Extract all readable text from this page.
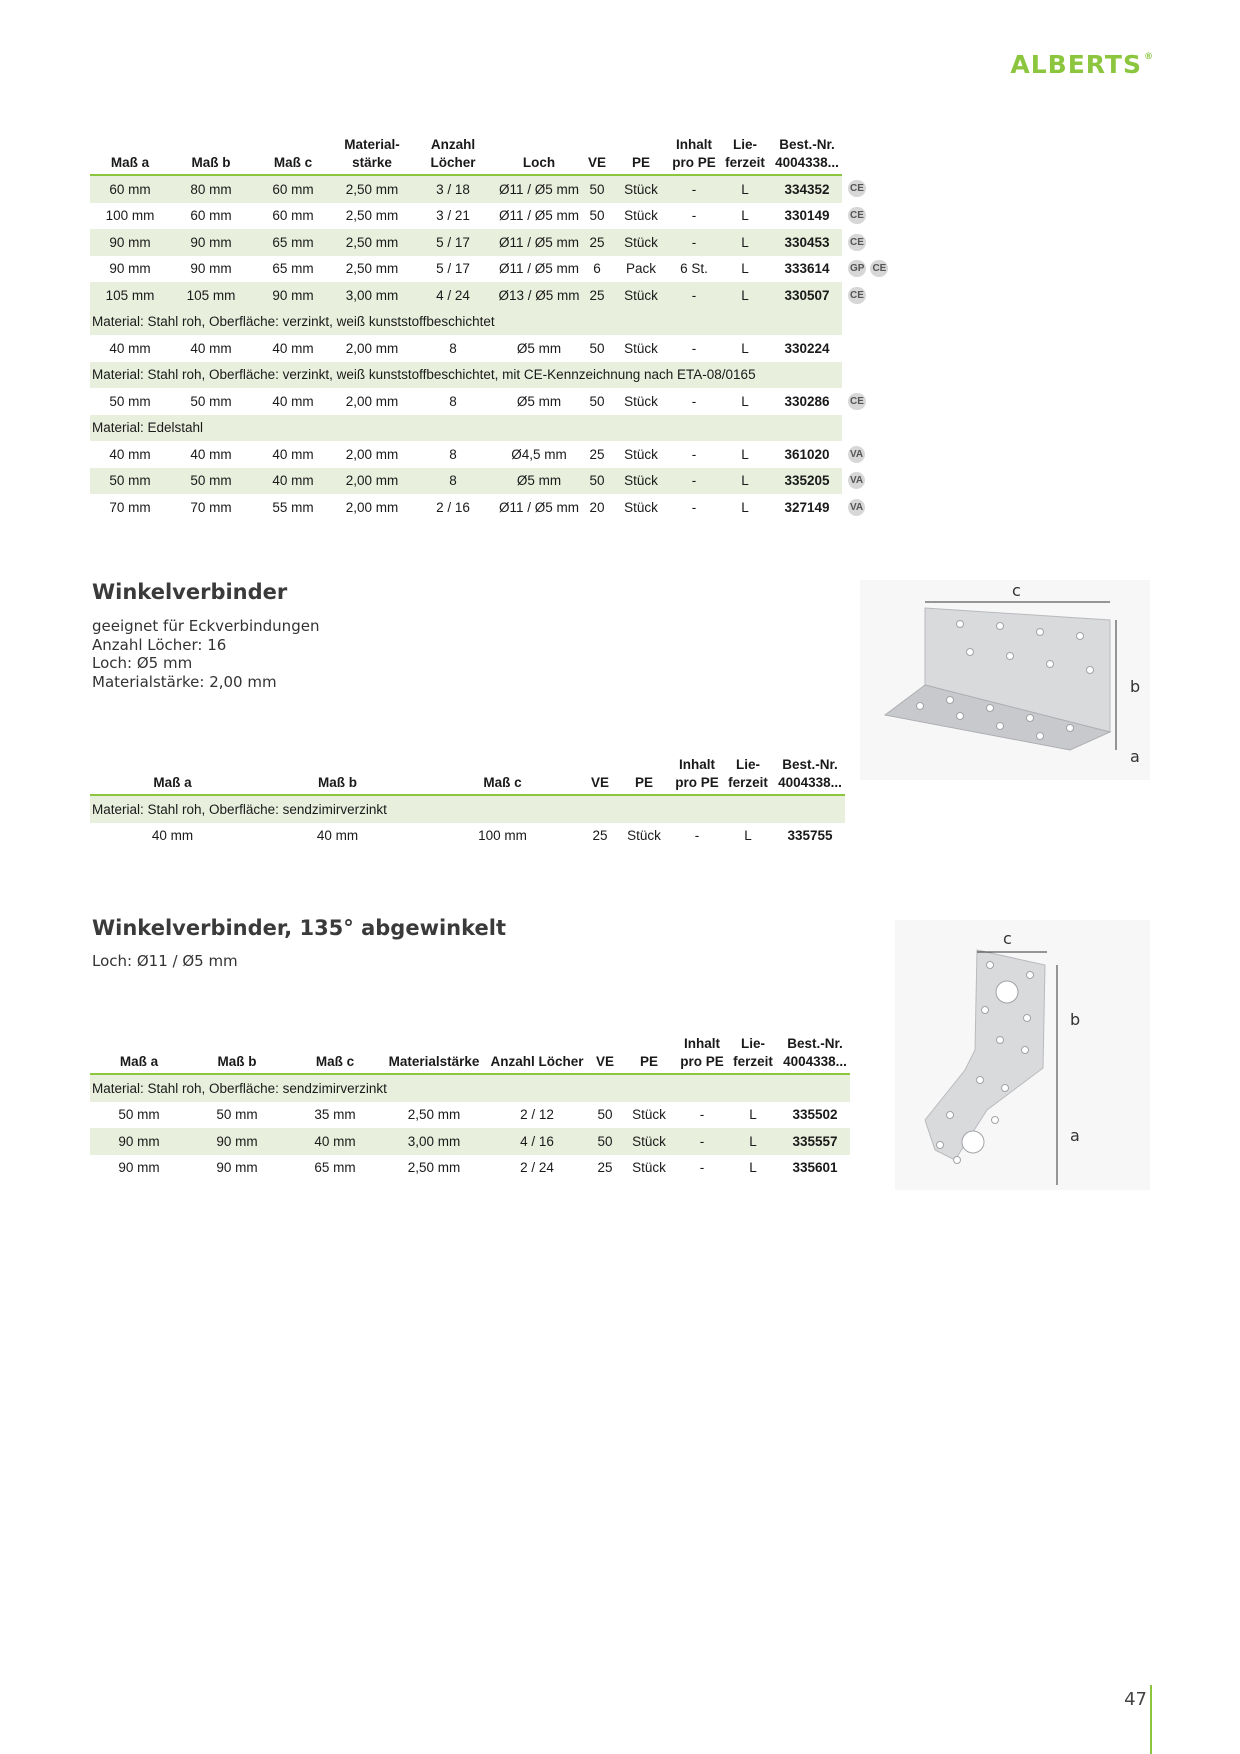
ALBERTS ®
Maß a	Maß b	Maß c	Material-
stärke	Anzahl
Löcher	Loch	VE	PE	Inhalt
pro PE	Lie-
ferzeit	Best.-Nr.
4004338...	
60 mm	80 mm	60 mm	2,50 mm	3 / 18	Ø11 / Ø5 mm	50	Stück	-	L	334352	CE
100 mm	60 mm	60 mm	2,50 mm	3 / 21	Ø11 / Ø5 mm	50	Stück	-	L	330149	CE
90 mm	90 mm	65 mm	2,50 mm	5 / 17	Ø11 / Ø5 mm	25	Stück	-	L	330453	CE
90 mm	90 mm	65 mm	2,50 mm	5 / 17	Ø11 / Ø5 mm	6	Pack	6 St.	L	333614	GP CE
105 mm	105 mm	90 mm	3,00 mm	4 / 24	Ø13 / Ø5 mm	25	Stück	-	L	330507	CE
Material: Stahl roh, Oberfläche: verzinkt, weiß kunststoffbeschichtet											
40 mm	40 mm	40 mm	2,00 mm	8	Ø5 mm	50	Stück	-	L	330224	
Material: Stahl roh, Oberfläche: verzinkt, weiß kunststoffbeschichtet, mit CE-Kennzeichnung nach ETA-08/0165											
50 mm	50 mm	40 mm	2,00 mm	8	Ø5 mm	50	Stück	-	L	330286	CE
Material: Edelstahl											
40 mm	40 mm	40 mm	2,00 mm	8	Ø4,5 mm	25	Stück	-	L	361020	VA
50 mm	50 mm	40 mm	2,00 mm	8	Ø5 mm	50	Stück	-	L	335205	VA
70 mm	70 mm	55 mm	2,00 mm	2 / 16	Ø11 / Ø5 mm	20	Stück	-	L	327149	VA
Winkelverbinder
geeignet für Eckverbindungen
Anzahl Löcher: 16
Loch: Ø5 mm
Materialstärke: 2,00 mm
c
b
a
Maß a	Maß b	Maß c	VE	PE	Inhalt
pro PE	Lie-
ferzeit	Best.-Nr.
4004338...
Material: Stahl roh, Oberfläche: sendzimirverzinkt							
40 mm	40 mm	100 mm	25	Stück	-	L	335755
Winkelverbinder, 135° abgewinkelt
Loch: Ø11 / Ø5 mm
c
b
a
Maß a	Maß b	Maß c	Materialstärke	Anzahl Löcher	VE	PE	Inhalt
pro PE	Lie-
ferzeit	Best.-Nr.
4004338...
Material: Stahl roh, Oberfläche: sendzimirverzinkt									
50 mm	50 mm	35 mm	2,50 mm	2 / 12	50	Stück	-	L	335502
90 mm	90 mm	40 mm	3,00 mm	4 / 16	50	Stück	-	L	335557
90 mm	90 mm	65 mm	2,50 mm	2 / 24	25	Stück	-	L	335601
47
